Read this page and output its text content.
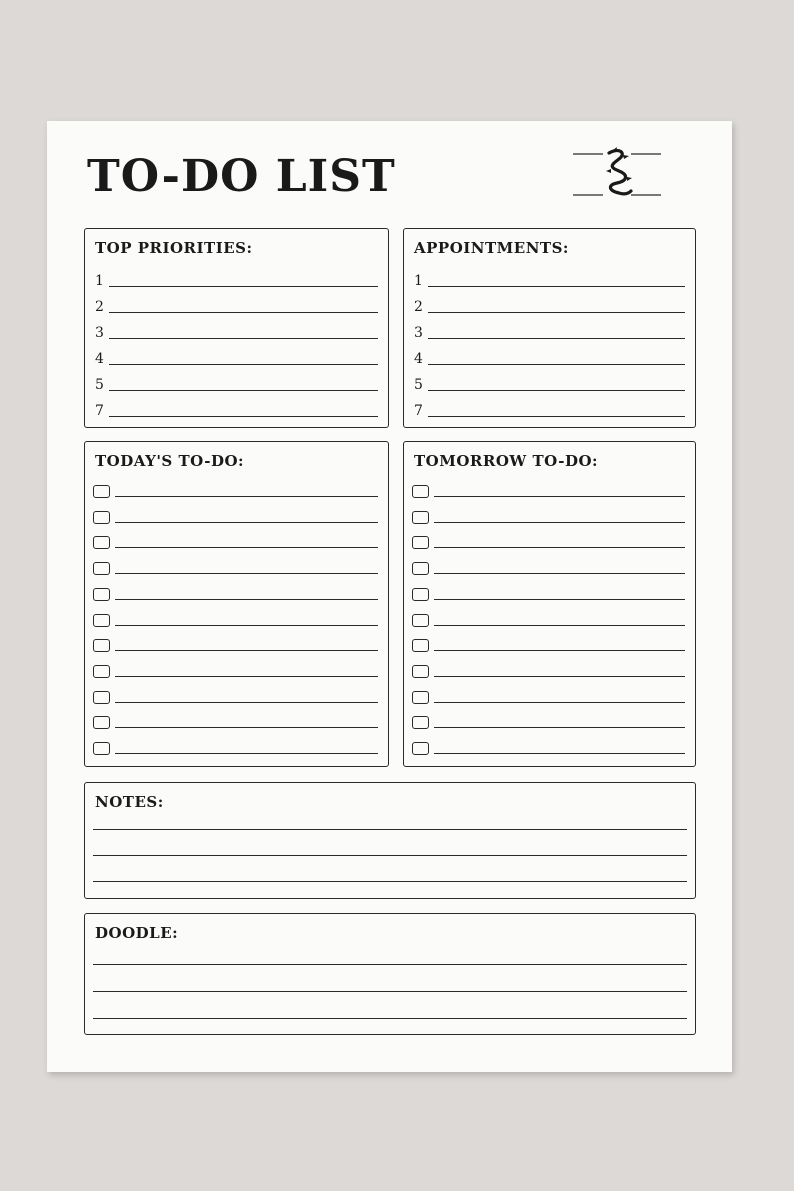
TO-DO LIST
TOP PRIORITIES:
1
2
3
4
5
7
APPOINTMENTS:
1
2
3
4
5
7
TODAY'S TO-DO:	TOMORROW TO-DO:
NOTES:
DOODLE:
